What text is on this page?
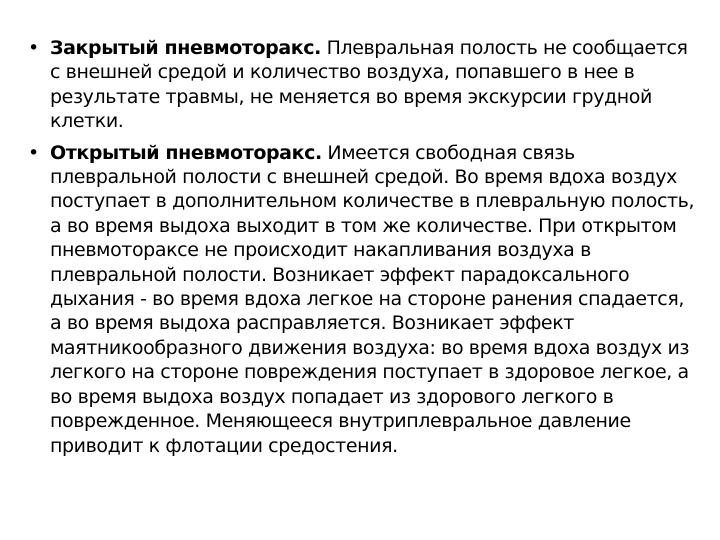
• Закрытый пневмоторакс. Плевральная полость не сообщается с внешней средой и количество воздуха, попавшего в нее в результате травмы, не меняется во время экскурсии грудной клетки.
• Открытый пневмоторакс. Имеется свободная связь плевральной полости с внешней средой. Во время вдоха воздух поступает в дополнительном количестве в плевральную полость, а во время выдоха выходит в том же количестве. При открытом пневмотораксе не происходит накапливания воздуха в плевральной полости. Возникает эффект парадоксального дыхания - во время вдоха легкое на стороне ранения спадается, а во время выдоха расправляется. Возникает эффект маятникообразного движения воздуха: во время вдоха воздух из легкого на стороне повреждения поступает в здоровое легкое, а во время выдоха воздух попадает из здорового легкого в поврежденное. Меняющееся внутриплевральное давление приводит к флотации средостения.
